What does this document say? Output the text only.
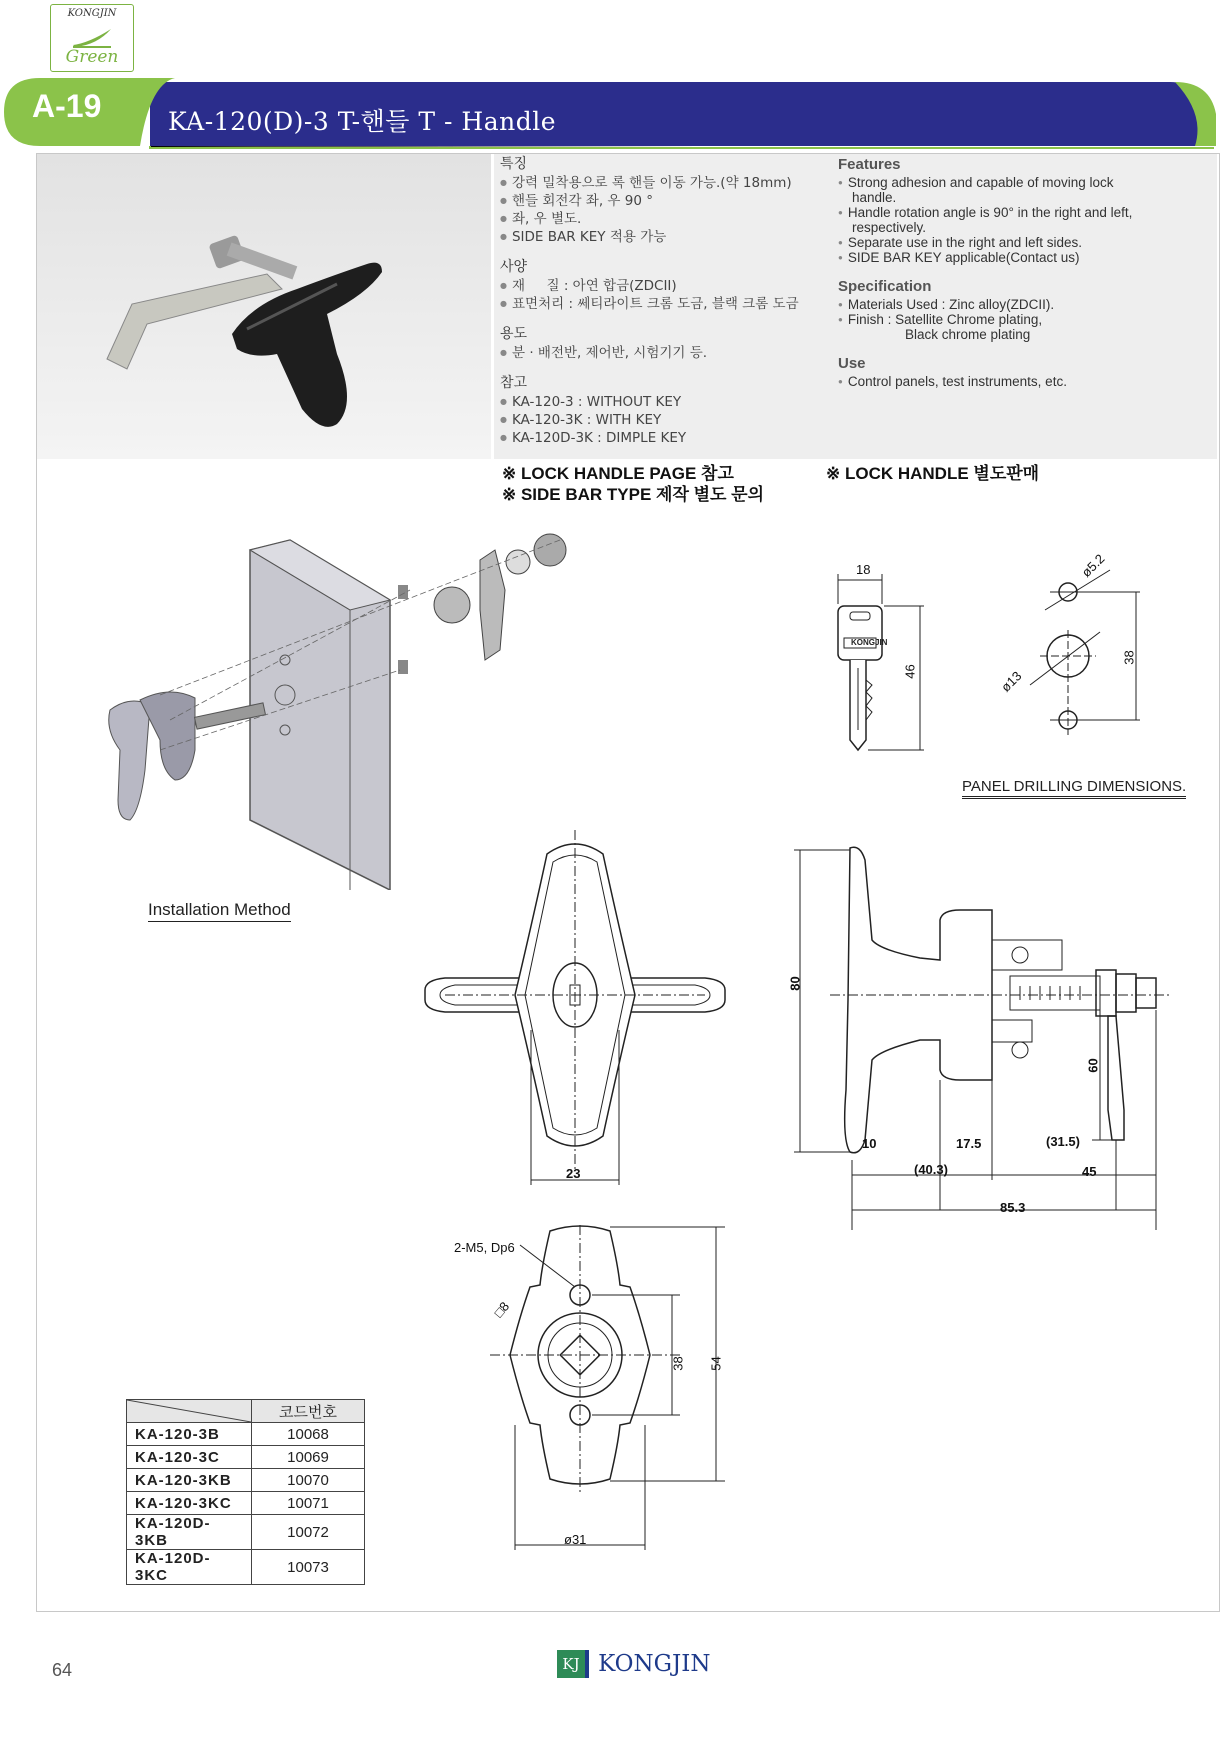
KONGJIN
Green
A-19	KA-120(D)-3 T-핸들 T - Handle
특징
● 강력 밀착용으로 록 핸들 이동 가능.(약 18mm)
● 핸들 회전각 좌, 우 90 °
● 좌, 우 별도.
● SIDE BAR KEY 적용 가능
사양
● 재     질 : 아연 합금(ZDCII)
● 표면처리 : 쎄티라이트 크롬 도금, 블랙 크롬 도금
용도
● 분 · 배전반, 제어반, 시험기기 등.
참고
● KA-120-3 : WITHOUT KEY
● KA-120-3K : WITH KEY
● KA-120D-3K : DIMPLE KEY
Features
● Strong adhesion and capable of moving lock
handle.
● Handle rotation angle is 90° in the right and left,
respectively.
● Separate use in the right and left sides.
● SIDE BAR KEY applicable(Contact us)
Specification
● Materials Used : Zinc alloy(ZDCII).
● Finish : Satellite Chrome plating,
Black chrome plating
Use
● Control panels, test instruments, etc.
※ LOCK HANDLE PAGE 참고
※ SIDE BAR TYPE 제작 별도 문의
※ LOCK HANDLE 별도판매
Installation Method
18
46
KONGJIN
ø5.2
ø13
38
PANEL DRILLING DIMENSIONS.
23
80
60
10	17.5	(31.5)
(40.3)	45
85.3
2-M5, Dp6
□8
38 54
ø31
	코드번호
KA-120-3B	10068
KA-120-3C	10069
KA-120-3KB	10070
KA-120-3KC	10071
KA-120D-3KB	10072
KA-120D-3KC	10073
64	KJ KONGJIN
